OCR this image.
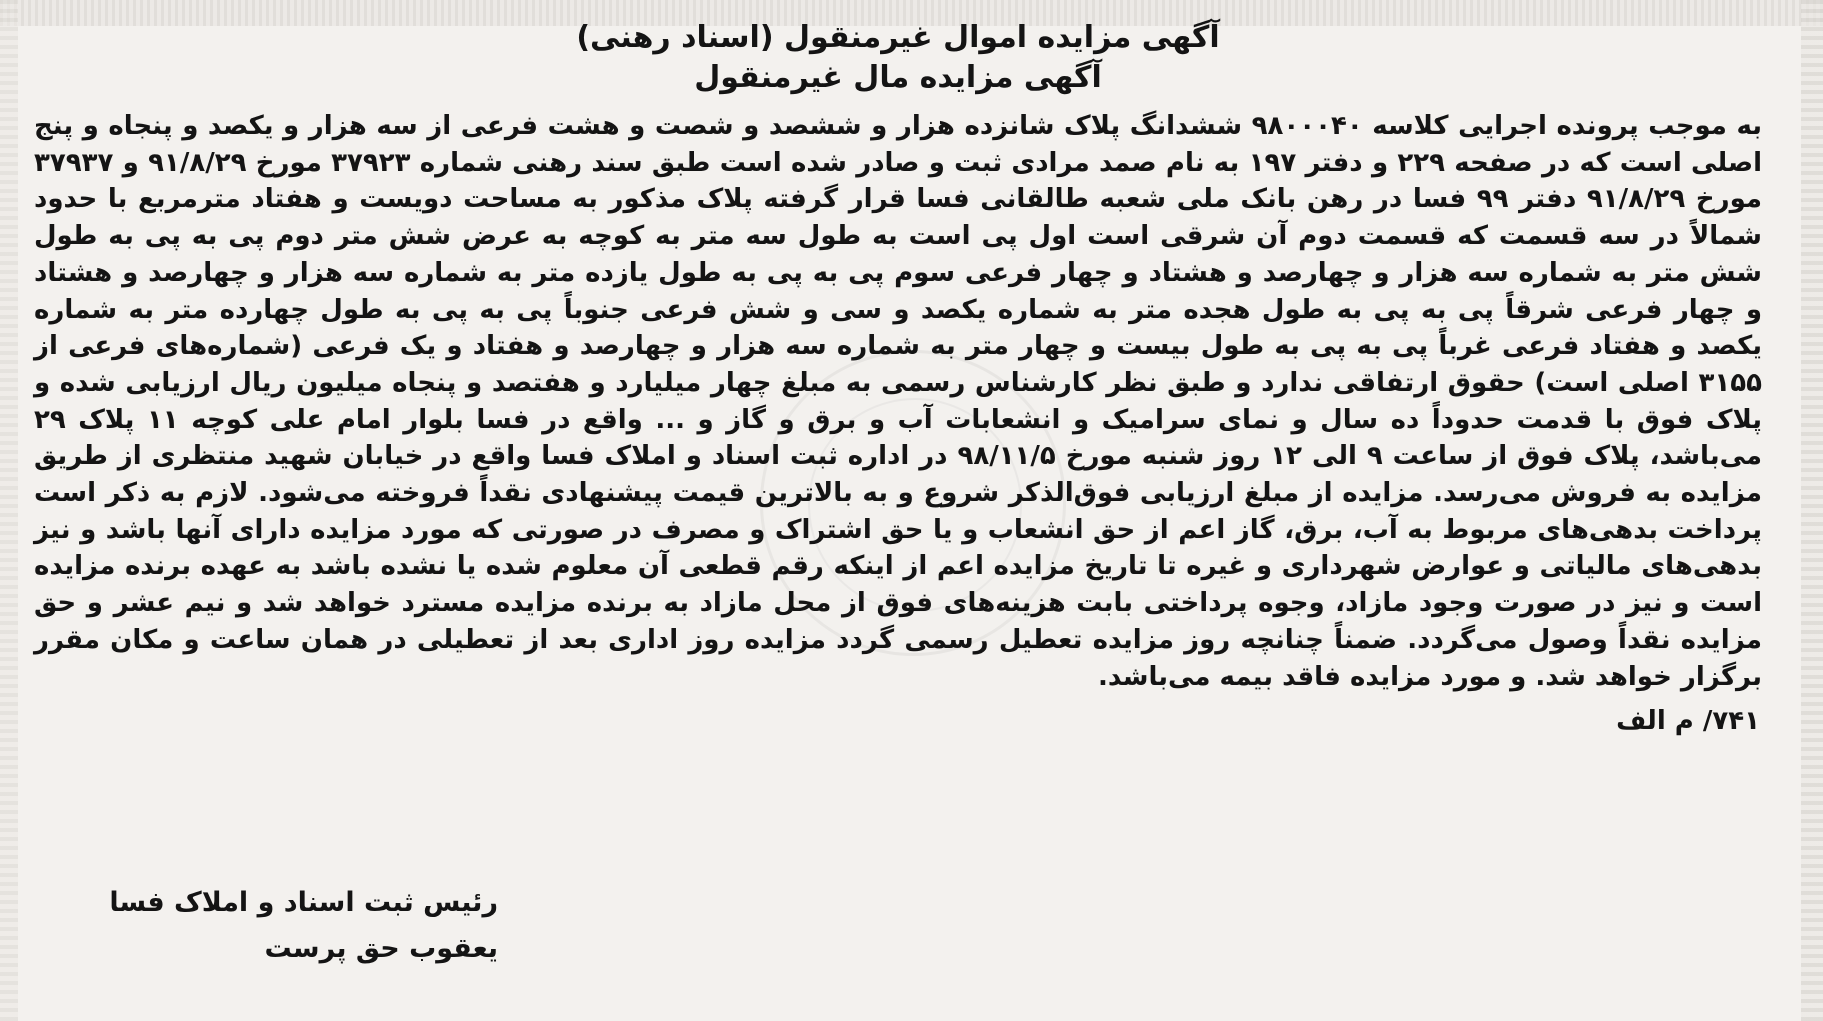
آگهی مزایده اموال غیرمنقول (اسناد رهنی)
آگهی مزایده مال غیرمنقول
به موجب پرونده اجرایی کلاسه ۹۸۰۰۰۴۰ ششدانگ پلاک شانزده هزار و ششصد و شصت و هشت فرعی از سه هزار و یکصد و پنجاه و پنج اصلی است که در صفحه ۲۲۹ و دفتر ۱۹۷ به نام صمد مرادی ثبت و صادر شده است طبق سند رهنی شماره ۳۷۹۲۳ مورخ ۹۱/۸/۲۹ و ۳۷۹۳۷ مورخ ۹۱/۸/۲۹ دفتر ۹۹ فسا در رهن بانک ملی شعبه طالقانی فسا قرار گرفته پلاک مذکور به مساحت دویست و هفتاد مترمربع با حدود شمالاً در سه قسمت که قسمت دوم آن شرقی است اول پی است به طول سه متر به کوچه به عرض شش متر دوم پی به پی به طول شش متر به شماره سه هزار و چهارصد و هشتاد و چهار فرعی سوم پی به پی به طول یازده متر به شماره سه هزار و چهارصد و هشتاد و چهار فرعی شرقاً پی به پی به طول هجده متر به شماره یکصد و سی و شش فرعی جنوباً پی به پی به طول چهارده متر به شماره یکصد و هفتاد فرعی غرباً پی به پی به طول بیست و چهار متر به شماره سه هزار و چهارصد و هفتاد و یک فرعی (شماره‌های فرعی از ۳۱۵۵ اصلی است) حقوق ارتفاقی ندارد و طبق نظر کارشناس رسمی به مبلغ چهار میلیارد و هفتصد و پنجاه میلیون ریال ارزیابی شده و پلاک فوق با قدمت حدوداً ده سال و نمای سرامیک و انشعابات آب و برق و گاز و ... واقع در فسا بلوار امام علی کوچه ۱۱ پلاک ۲۹ می‌باشد، پلاک فوق از ساعت ۹ الی ۱۲ روز شنبه مورخ ۹۸/۱۱/۵ در اداره ثبت اسناد و املاک فسا واقع در خیابان شهید منتظری از طریق مزایده به فروش می‌رسد. مزایده از مبلغ ارزیابی فوق‌الذکر شروع و به بالاترین قیمت پیشنهادی نقداً فروخته می‌شود. لازم به ذکر است پرداخت بدهی‌های مربوط به آب، برق، گاز اعم از حق انشعاب و یا حق اشتراک و مصرف در صورتی که مورد مزایده دارای آنها باشد و نیز بدهی‌های مالیاتی و عوارض شهرداری و غیره تا تاریخ مزایده اعم از اینکه رقم قطعی آن معلوم شده یا نشده باشد به عهده برنده مزایده است و نیز در صورت وجود مازاد، وجوه پرداختی بابت هزینه‌های فوق از محل مازاد به برنده مزایده مسترد خواهد شد و نیم عشر و حق مزایده نقداً وصول می‌گردد. ضمناً چنانچه روز مزایده تعطیل رسمی گردد مزایده روز اداری بعد از تعطیلی در همان ساعت و مکان مقرر برگزار خواهد شد. و مورد مزایده فاقد بیمه می‌باشد.
۷۴۱/ م الف
رئیس ثبت اسناد و املاک فسا
یعقوب حق پرست
